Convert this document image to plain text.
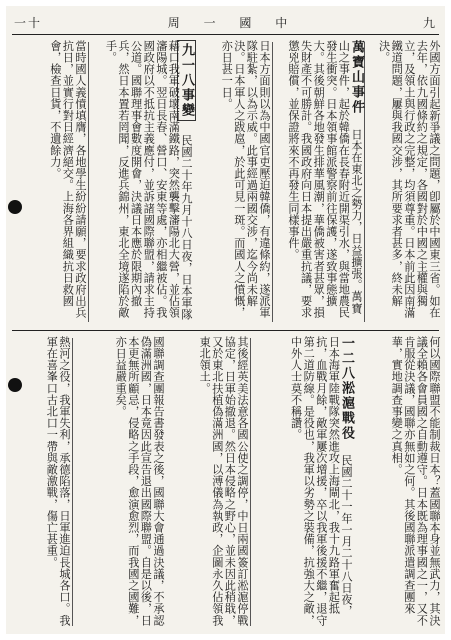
一十	周 一 國 中	九
外國方面引起新爭議之問題，卽屬於中國東三省。如在去年，依九國條約之規定，各國對於中國之主權與獨立，及領土與行政之完整，均須尊重。日本前此因南滿鐵道問題，屢與我國交涉，其所要求者甚多，終未解決。
萬寶山事件 日本在東北之勢力，日益擴張。萬寶山之事件，起於韓僑在長春附近開渠引水，與當地農民發生衝突。日本領事館派警察前往保護，遂致事態擴大。其後朝鮮各地發生排華風潮，華僑被害者甚眾，損失財產不可勝計。我國政府向日本提出嚴重抗議，要求懲兇賠償，並保證將來不再發生同樣事件。
日本方面則以為中國官吏壓迫韓僑，有違條約，遂派軍隊駐紮，以為示威。此事經過兩國交涉，迄今尚未解決。日本軍人之跋扈，於此可見一斑。而國人之憤慨，亦日甚一日。
九一八事變 民國二十年九月十八日夜，日本軍隊藉口我軍破壞南滿鐵路，突然襲擊瀋陽北大營，並佔領瀋陽城。翌日長春、營口、安東等處，亦相繼被佔。我國政府以不抵抗主義應付，並訴諸國際聯盟，請求主持公道。國聯理事會數度開會，決議日本應於限期內撤兵，然日本置若罔聞，反進兵錦州，東北全境遂陷於敵手。
當時國人義憤填膺，各地學生紛紛請願，要求政府出兵抗日，並實行對日經濟絕交。上海各界組織抗日救國會，檢查日貨，不遺餘力。
何以國際聯盟不能制裁日本？蓋國聯本身並無武力，其決議全賴各會員國之自動遵守。日本既為理事國之一，又不肯服從決議，國聯亦無如之何。其後國聯派遣調查團來華，實地調查事變之真相。
一二八淞滬戰役 民國二十一年一月二十八日夜，日本海軍陸戰隊突然進攻上海閘北，我十九路軍奮起抵抗，血戰月餘，敵軍屢次增援，卒以我軍後援不繼，退守第二道防線。是役也，我軍以劣勢之裝備，抗強大之敵，中外人士莫不稱讚。
其後經英美法意各國公使之調停，中日兩國簽訂淞滬停戰協定，日軍始撤退。然日本侵略之野心，並未因此稍戢，又於東北扶植偽滿洲國，以溥儀為執政，企圖永久佔領我東北領土。
國聯調查團報告書發表之後，國聯大會通過決議，不承認偽滿洲國，日本竟因此宣告退出國際聯盟。自是以後，日本更無所顧忌，侵略之手段，愈演愈烈，而我國之國難，亦日益嚴重矣。
熱河之役，我軍失利，承德陷落，日軍進迫長城各口。我軍在喜峯口古北口一帶與敵激戰，傷亡甚重。
